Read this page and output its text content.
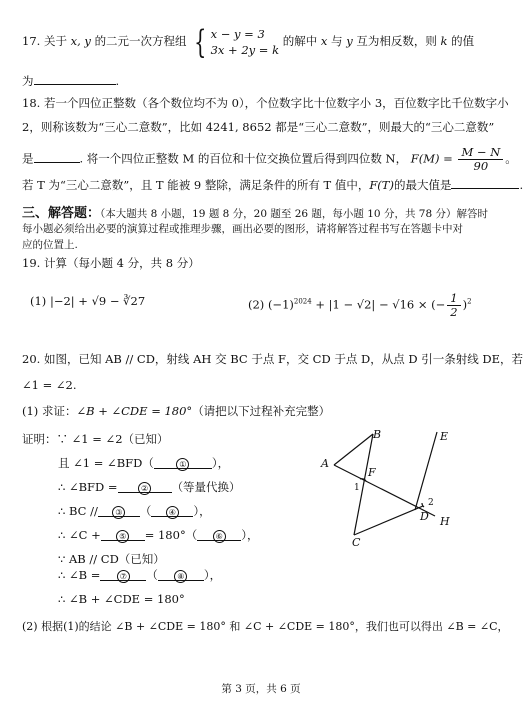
17. 关于 x, y 的二元一次方程组 { x − y = 3
3x + 2y = k
的解中 x 与 y 互为相反数，则 k 的值
为	.
18. 若一个四位正整数（各个数位均不为 0），个位数字比十位数字小 3，百位数字比千位数字小
2，则称该数为“三心二意数”，比如 4241, 8652 都是“三心二意数”，则最大的“三心二意数”
是	. 将一个四位正整数 M 的百位和十位交换位置后得到四位数 N， $F(M) = \frac{M - N}{90}$ 。
若 T 为“三心二意数”，且 T 能被 9 整除，满足条件的所有 T 值中，F(T)的最大值是	.
三、解答题：（本大题共 8 小题，19 题 8 分，20 题至 26 题，每小题 10 分，共 78 分）解答时
每小题必须给出必要的演算过程或推理步骤，画出必要的图形，请将解答过程书写在答题卡中对
应的位置上.
19. 计算（每小题 4 分，共 8 分）
(1) |−2| + √9 − ∛27	(2) $(-1)^{2024} + |1 - √2| - √16$ × (− $\frac{1}{2} )^2$
20. 如图，已知 AB // CD，射线 AH 交 BC 于点 F，交 CD 于点 D，从点 D 引一条射线 DE，若
∠1 = ∠2.
(1) 求证：∠B + ∠CDE = 180°（请把以下过程补充完整）
证明：∵ ∠1 = ∠2（已知）
且 ∠1 = ∠BFD（	① ），
∴ ∠BFD =	② （等量代换）
∴ BC // ③ （ ④ ），
∴ ∠C + ⑤ = 180°（ ⑥ ），
∵ AB // CD（已知）
∴ ∠B = ⑦ （ ⑧ ），
∴ ∠B + ∠CDE = 180°
(2) 根据(1)的结论 ∠B + ∠CDE = 180° 和 ∠C + ∠CDE = 180°，我们也可以得出 ∠B = ∠C，
B
A
F
C
D
E
H
1
2
第 3 页，共 6 页
